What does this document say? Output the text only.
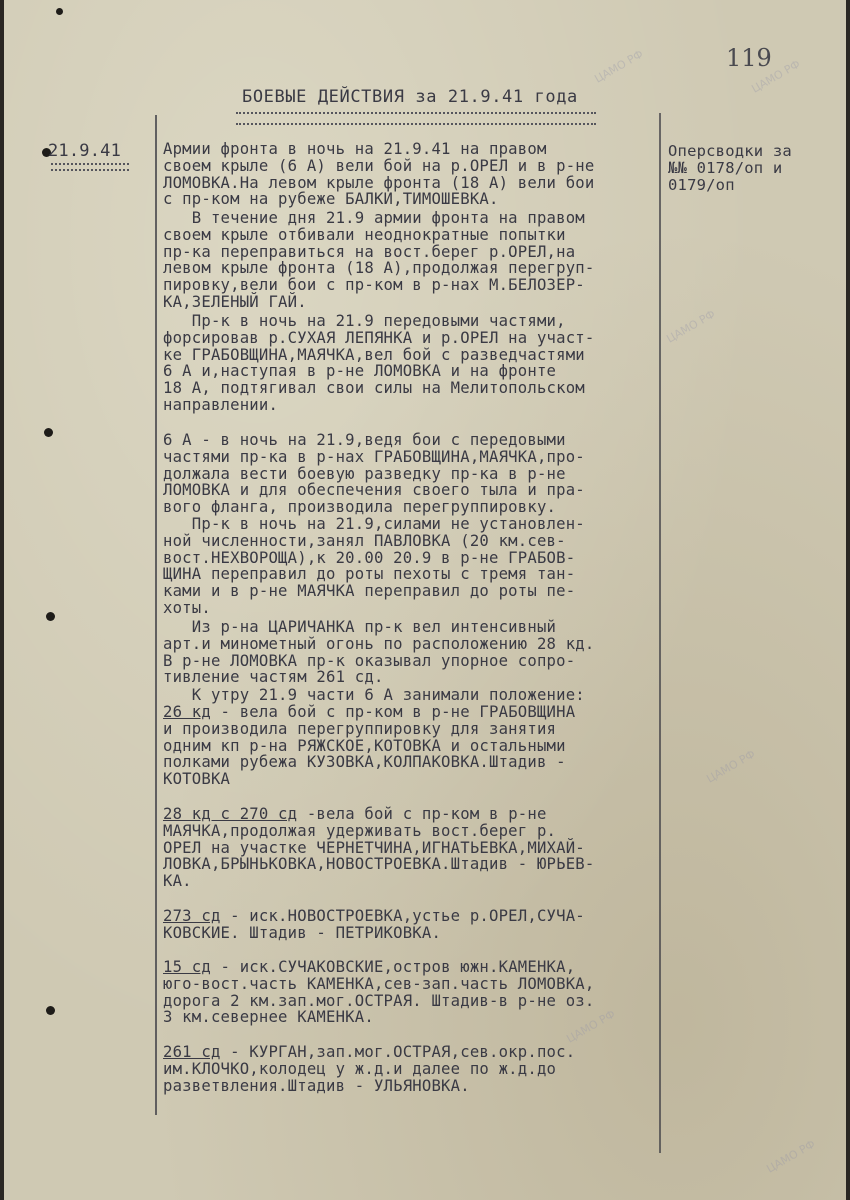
ЦАМО РФ	ЦАМО РФ
ЦАМО РФ
ЦАМО РФ
ЦАМО РФ
ЦАМО РФ
119
БОЕВЫЕ ДЕЙСТВИЯ за 21.9.41 года
21.9.41	Оперсводки за
№№ 0178/оп и
0179/оп
Армии фронта в ночь на 21.9.41 на правом
своем крыле (6 А) вели бой на р.ОРЕЛ и в р-не
ЛОМОВКА.На левом крыле фронта (18 А) вели бои
с пр-ком на рубеже БАЛКИ,ТИМОШЕВКА.
В течение дня 21.9 армии фронта на правом
своем крыле отбивали неоднократные попытки
пр-ка переправиться на вост.берег р.ОРЕЛ,на
левом крыле фронта (18 А),продолжая перегруп-
пировку,вели бои с пр-ком в р-нах М.БЕЛОЗЕР-
КА,ЗЕЛЕНЫЙ ГАЙ.
Пр-к в ночь на 21.9 передовыми частями,
форсировав р.СУХАЯ ЛЕПЯНКА и р.ОРЕЛ на участ-
ке ГРАБОВЩИНА,МАЯЧКА,вел бой с разведчастями
6 А и,наступая в р-не ЛОМОВКА и на фронте
18 А, подтягивал свои силы на Мелитопольском
направлении.
6 А - в ночь на 21.9,ведя бои с передовыми
частями пр-ка в р-нах ГРАБОВЩИНА,МАЯЧКА,про-
должала вести боевую разведку пр-ка в р-не
ЛОМОВКА и для обеспечения своего тыла и пра-
вого фланга, производила перегруппировку.
Пр-к в ночь на 21.9,силами не установлен-
ной численности,занял ПАВЛОВКА (20 км.сев-
вост.НЕХВОРОЩА),к 20.00 20.9 в р-не ГРАБОВ-
ЩИНА переправил до роты пехоты с тремя тан-
ками и в р-не МАЯЧКА переправил до роты пе-
хоты.
Из р-на ЦАРИЧАНКА пр-к вел интенсивный
арт.и минометный огонь по расположению 28 кд.
В р-не ЛОМОВКА пр-к оказывал упорное сопро-
тивление частям 261 сд.
К утру 21.9 части 6 А занимали положение:
26 кд - вела бой с пр-ком в р-не ГРАБОВЩИНА
и производила перегруппировку для занятия
одним кп р-на РЯЖСКОЕ,КОТОВКА и остальными
полками рубежа КУЗОВКА,КОЛПАКОВКА.Штадив -
КОТОВКА
28 кд с 270 сд -вела бой с пр-ком в р-не
МАЯЧКА,продолжая удерживать вост.берег р.
ОРЕЛ на участке ЧЕРНЕТЧИНА,ИГНАТЬЕВКА,МИХАЙ-
ЛОВКА,БРЫНЬКОВКА,НОВОСТРОЕВКА.Штадив - ЮРЬЕВ-
КА.
273 сд - иск.НОВОСТРОЕВКА,устье р.ОРЕЛ,СУЧА-
КОВСКИЕ. Штадив - ПЕТРИКОВКА.
15 сд - иск.СУЧАКОВСКИЕ,остров южн.КАМЕНКА,
юго-вост.часть КАМЕНКА,сев-зап.часть ЛОМОВКА,
дорога 2 км.зап.мог.ОСТРАЯ. Штадив-в р-не оз.
3 км.севернее КАМЕНКА.
261 сд - КУРГАН,зап.мог.ОСТРАЯ,сев.окр.пос.
им.КЛОЧКО,колодец у ж.д.и далее по ж.д.до
разветвления.Штадив - УЛЬЯНОВКА.
